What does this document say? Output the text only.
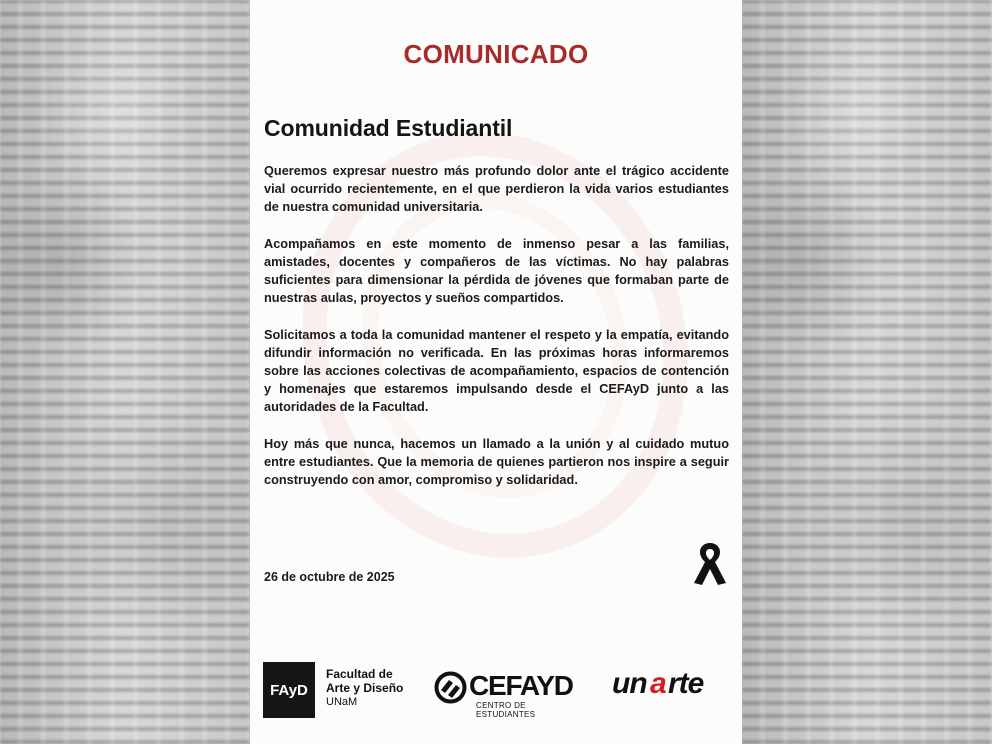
COMUNICADO
Comunidad Estudiantil

Queremos expresar nuestro más profundo dolor ante el trágico accidente vial ocurrido recientemente, en el que perdieron la vida varios estudiantes de nuestra comunidad universitaria.

Acompañamos en este momento de inmenso pesar a las familias, amistades, docentes y compañeros de las víctimas. No hay palabras suficientes para dimensionar la pérdida de jóvenes que formaban parte de nuestras aulas, proyectos y sueños compartidos.

Solicitamos a toda la comunidad mantener el respeto y la empatía, evitando difundir información no verificada. En las próximas horas informaremos sobre las acciones colectivas de acompañamiento, espacios de contención y homenajes que estaremos impulsando desde el CEFAyD junto a las autoridades de la Facultad.

Hoy más que nunca, hacemos un llamado a la unión y al cuidado mutuo entre estudiantes. Que la memoria de quienes partieron nos inspire a seguir construyendo con amor, compromiso y solidaridad.

26 de octubre de 2025
FAyD
Facultad de
Arte y Diseño
UNaM
CEFAYD
CENTRO DE
ESTUDIANTES
un a rte
